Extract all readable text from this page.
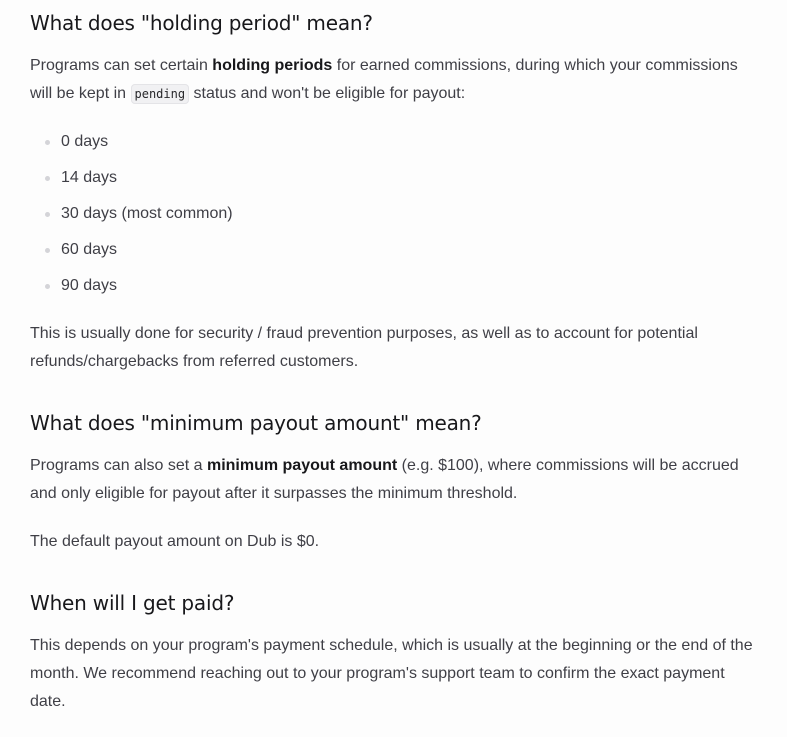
What does "holding period" mean?

Programs can set certain holding periods for earned commissions, during which your commissions will be kept in pending status and won't be eligible for payout:

0 days
14 days
30 days (most common)
60 days
90 days

This is usually done for security / fraud prevention purposes, as well as to account for potential refunds/chargebacks from referred customers.

What does "minimum payout amount" mean?

Programs can also set a minimum payout amount (e.g. $100), where commissions will be accrued and only eligible for payout after it surpasses the minimum threshold.

The default payout amount on Dub is $0.

When will I get paid?

This depends on your program's payment schedule, which is usually at the beginning or the end of the month. We recommend reaching out to your program's support team to confirm the exact payment date.
